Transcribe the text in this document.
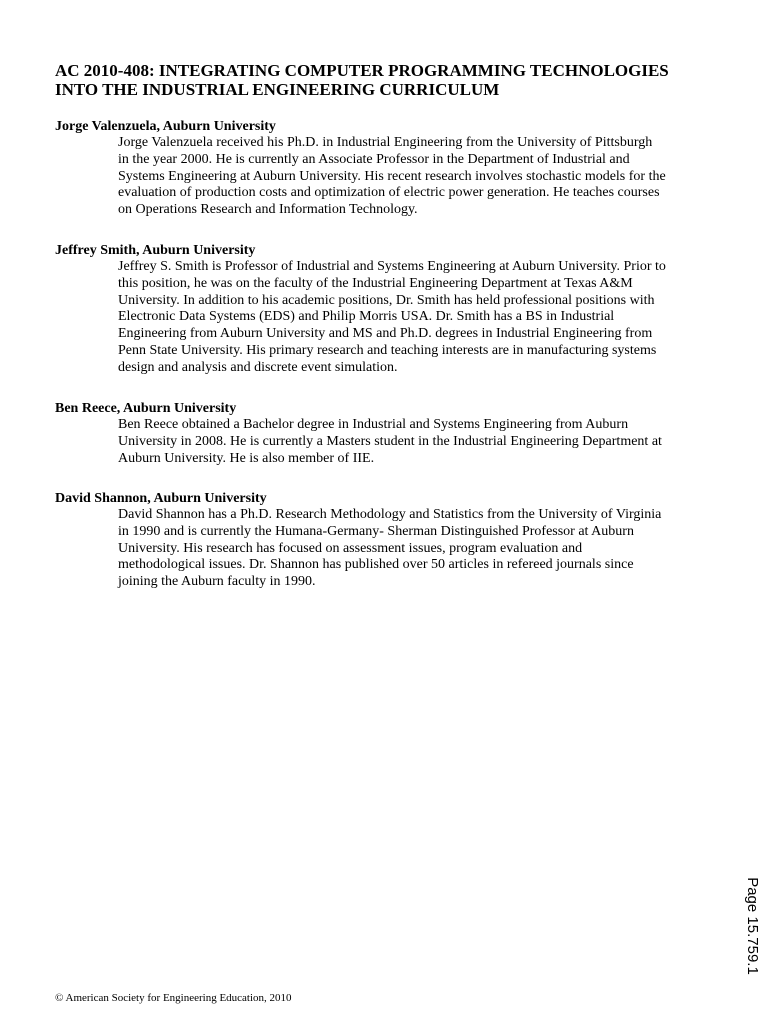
AC 2010-408: INTEGRATING COMPUTER PROGRAMMING TECHNOLOGIES
INTO THE INDUSTRIAL ENGINEERING CURRICULUM

Jorge Valenzuela, Auburn University

Jorge Valenzuela received his Ph.D. in Industrial Engineering from the University of Pittsburgh
in the year 2000. He is currently an Associate Professor in the Department of Industrial and
Systems Engineering at Auburn University. His recent research involves stochastic models for the
evaluation of production costs and optimization of electric power generation. He teaches courses
on Operations Research and Information Technology.

Jeffrey Smith, Auburn University

Jeffrey S. Smith is Professor of Industrial and Systems Engineering at Auburn University. Prior to
this position, he was on the faculty of the Industrial Engineering Department at Texas A&M
University. In addition to his academic positions, Dr. Smith has held professional positions with
Electronic Data Systems (EDS) and Philip Morris USA. Dr. Smith has a BS in Industrial
Engineering from Auburn University and MS and Ph.D. degrees in Industrial Engineering from
Penn State University. His primary research and teaching interests are in manufacturing systems
design and analysis and discrete event simulation.

Ben Reece, Auburn University

Ben Reece obtained a Bachelor degree in Industrial and Systems Engineering from Auburn
University in 2008. He is currently a Masters student in the Industrial Engineering Department at
Auburn University. He is also member of IIE.

David Shannon, Auburn University

David Shannon has a Ph.D. Research Methodology and Statistics from the University of Virginia
in 1990 and is currently the Humana-Germany- Sherman Distinguished Professor at Auburn
University. His research has focused on assessment issues, program evaluation and
methodological issues. Dr. Shannon has published over 50 articles in refereed journals since
joining the Auburn faculty in 1990.

Page 15.759.1

© American Society for Engineering Education, 2010
